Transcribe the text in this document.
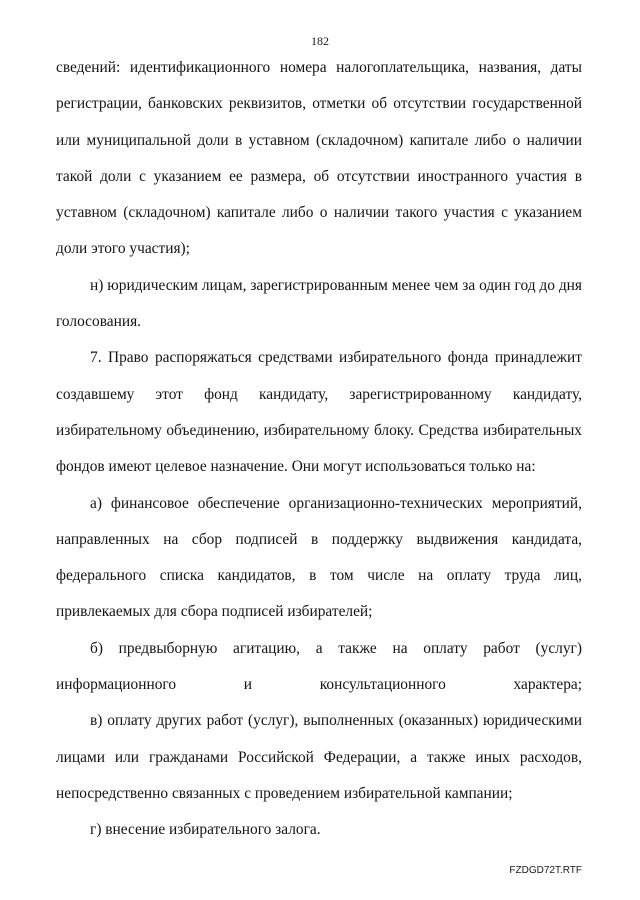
182

сведений: идентификационного номера налогоплательщика, названия, даты регистрации, банковских реквизитов, отметки об отсутствии государственной или муниципальной доли в уставном (складочном) капитале либо о наличии такой доли с указанием ее размера, об отсутствии иностранного участия в уставном (складочном) капитале либо о наличии такого участия с указанием доли этого участия);

н) юридическим лицам, зарегистрированным менее чем за один год до дня голосования.

7. Право распоряжаться средствами избирательного фонда принадлежит создавшему этот фонд кандидату, зарегистрированному кандидату, избирательному объединению, избирательному блоку. Средства избирательных фондов имеют целевое назначение. Они могут использоваться только на:

а) финансовое обеспечение организационно-технических мероприятий, направленных на сбор подписей в поддержку выдвижения кандидата, федерального списка кандидатов, в том числе на оплату труда лиц, привлекаемых для сбора подписей избирателей;

б) предвыборную агитацию, а также на оплату работ (услуг) информационного и консультационного характера;

в) оплату других работ (услуг), выполненных (оказанных) юридическими лицами или гражданами Российской Федерации, а также иных расходов, непосредственно связанных с проведением избирательной кампании;

г) внесение избирательного залога.

FZDGD72T.RTF
